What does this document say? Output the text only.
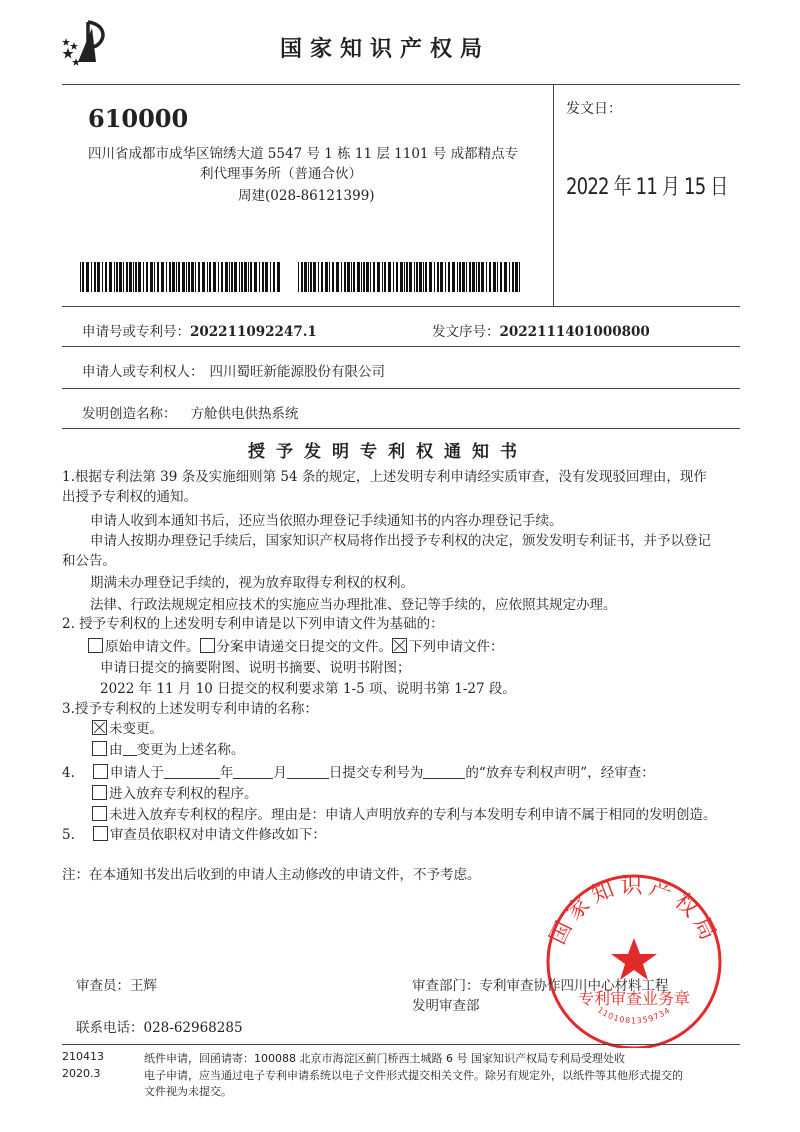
国家知识产权局
610000
四川省成都市成华区锦绣大道 5547 号 1 栋 11 层 1101 号 成都精点专
利代理事务所（普通合伙）
周建(028-86121399)
发文日：
2022 年 11 月 15 日
申请号或专利号：202211092247.1	发文序号：2022111401000800
申请人或专利权人： 四川蜀旺新能源股份有限公司
发明创造名称： 方舱供电供热系统
授予发明专利权通知书
1.根据专利法第 39 条及实施细则第 54 条的规定，上述发明专利申请经实质审查，没有发现驳回理由，现作
出授予专利权的通知。
申请人收到本通知书后，还应当依照办理登记手续通知书的内容办理登记手续。
申请人按期办理登记手续后，国家知识产权局将作出授予专利权的决定，颁发发明专利证书，并予以登记
和公告。
期满未办理登记手续的，视为放弃取得专利权的权利。
法律、行政法规规定相应技术的实施应当办理批准、登记等手续的，应依照其规定办理。
2. 授予专利权的上述发明专利申请是以下列申请文件为基础的：
原始申请文件。 分案申请递交日提交的文件。 下列申请文件：
申请日提交的摘要附图、说明书摘要、说明书附图；
2022 年 11 月 10 日提交的权利要求第 1-5 项、说明书第 1-27 段。
3.授予专利权的上述发明专利申请的名称：
未变更。
由 变更为上述名称。
4.	申请人于	年	月	日提交专利号为	的“放弃专利权声明”，经审查：
进入放弃专利权的程序。
未进入放弃专利权的程序。理由是：申请人声明放弃的专利与本发明专利申请不属于相同的发明创造。
5.	审查员依职权对申请文件修改如下：
注：在本通知书发出后收到的申请人主动修改的申请文件，不予考虑。
国家知识产权局
专利审查业务章
1101081359734
审查员：王辉	审查部门：专利审查协作四川中心材料工程
发明审查部
联系电话：028-62968285
210413
2020.3
纸件申请，回函请寄：100088 北京市海淀区蓟门桥西土城路 6 号 国家知识产权局专利局受理处收
电子申请，应当通过电子专利申请系统以电子文件形式提交相关文件。除另有规定外，以纸件等其他形式提交的
文件视为未提交。
